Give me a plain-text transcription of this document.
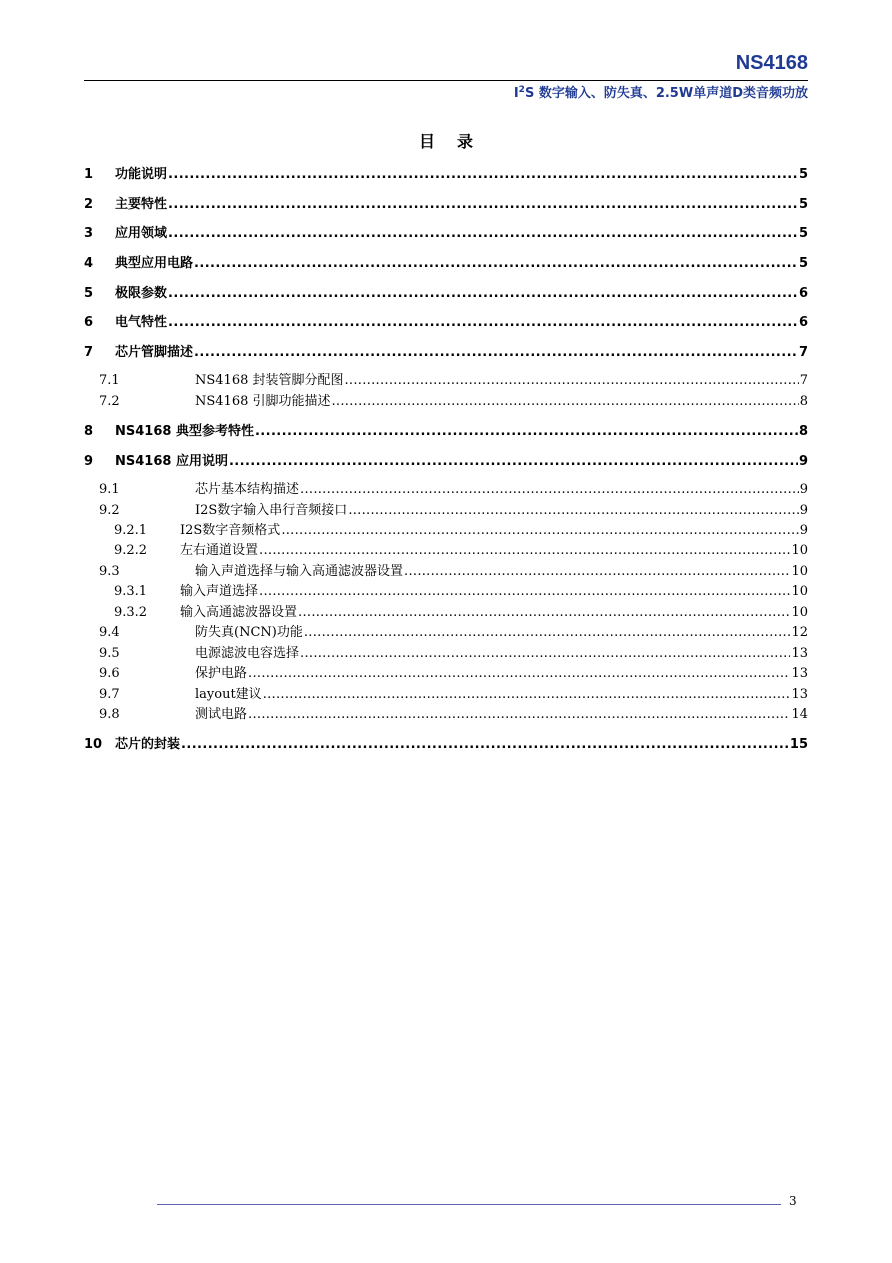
NS4168
$I^2S$ 数字输入、防失真、2.5W单声道D类音频功放
目录
1	功能说明 .....	5
2	主要特性 .....	5
3	应用领域 .....	5
4	典型应用电路 .....	5
5	极限参数 .....	6
6	电气特性 .....	6
7	芯片管脚描述 .....	7
7.1	NS4168 封装管脚分配图 .....	7
7.2	NS4168 引脚功能描述 .....	8
8	NS4168 典型参考特性 .....	8
9	NS4168 应用说明 .....	9
9.1	芯片基本结构描述 .....	9
9.2	I2S数字输入串行音频接口 .....	9
9.2.1	I2S数字音频格式 .....	9
9.2.2	左右通道设置 .....	10
9.3	输入声道选择与输入高通滤波器设置 .....	10
9.3.1	输入声道选择 .....	10
9.3.2	输入高通滤波器设置 .....	10
9.4	防失真(NCN)功能 .....	12
9.5	电源滤波电容选择 .....	13
9.6	保护电路 .....	13
9.7	layout建议 .....	13
9.8	测试电路 .....	14
10 芯片的封装 .....	15
3
